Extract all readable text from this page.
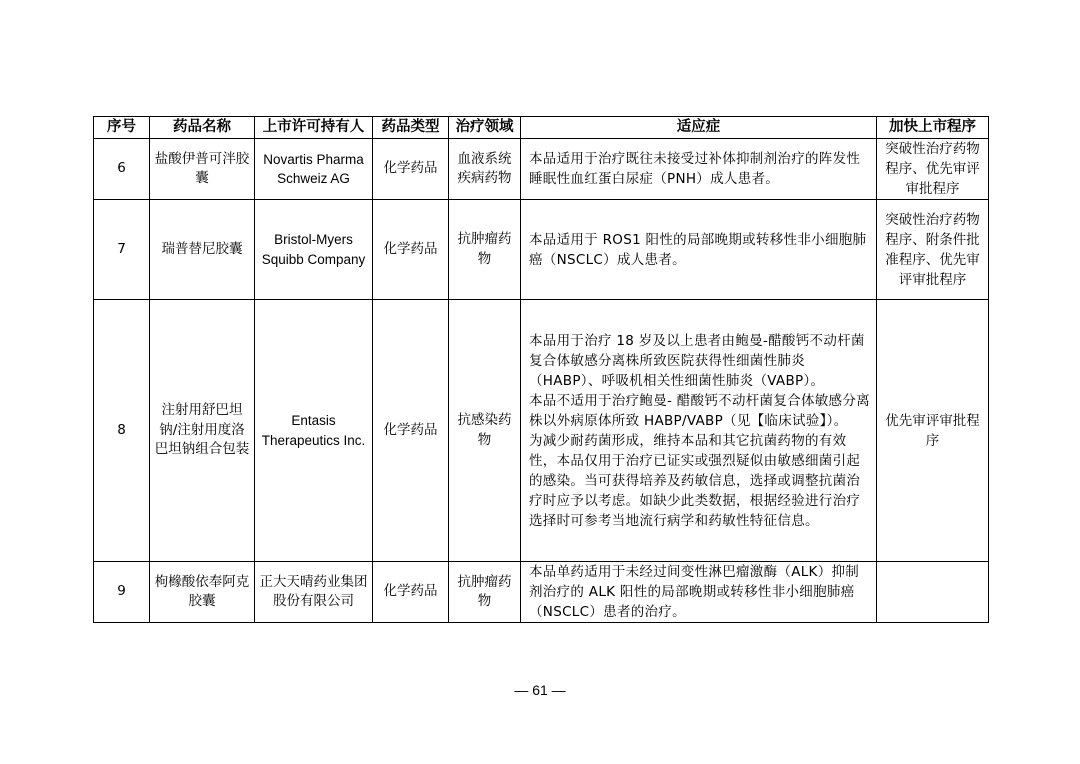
序号	药品名称	上市许可持有人	药品类型	治疗领域	适应症	加快上市程序
6	盐酸伊普可泮胶囊	Novartis Pharma Schweiz AG	化学药品	血液系统疾病药物	本品适用于治疗既往未接受过补体抑制剂治疗的阵发性睡眠性血红蛋白尿症（PNH）成人患者。	突破性治疗药物程序、优先审评审批程序
7	瑞普替尼胶囊	Bristol-Myers Squibb Company	化学药品	抗肿瘤药物	本品适用于 ROS1 阳性的局部晚期或转移性非小细胞肺癌（NSCLC）成人患者。	突破性治疗药物程序、附条件批准程序、优先审评审批程序
8	注射用舒巴坦钠/注射用度洛巴坦钠组合包装	Entasis Therapeutics Inc.	化学药品	抗感染药物	本品用于治疗 18 岁及以上患者由鲍曼-醋酸钙不动杆菌复合体敏感分离株所致医院获得性细菌性肺炎（HABP）、呼吸机相关性细菌性肺炎（VABP）。
本品不适用于治疗鲍曼- 醋酸钙不动杆菌复合体敏感分离株以外病原体所致 HABP/VABP（见【临床试验】）。
为减少耐药菌形成，维持本品和其它抗菌药物的有效性，本品仅用于治疗已证实或强烈疑似由敏感细菌引起的感染。当可获得培养及药敏信息，选择或调整抗菌治疗时应予以考虑。如缺少此类数据，根据经验进行治疗选择时可参考当地流行病学和药敏性特征信息。	优先审评审批程序
9	枸橼酸依奉阿克胶囊	正大天晴药业集团股份有限公司	化学药品	抗肿瘤药物	本品单药适用于未经过间变性淋巴瘤激酶（ALK）抑制剂治疗的 ALK 阳性的局部晚期或转移性非小细胞肺癌（NSCLC）患者的治疗。	

— 61 —
